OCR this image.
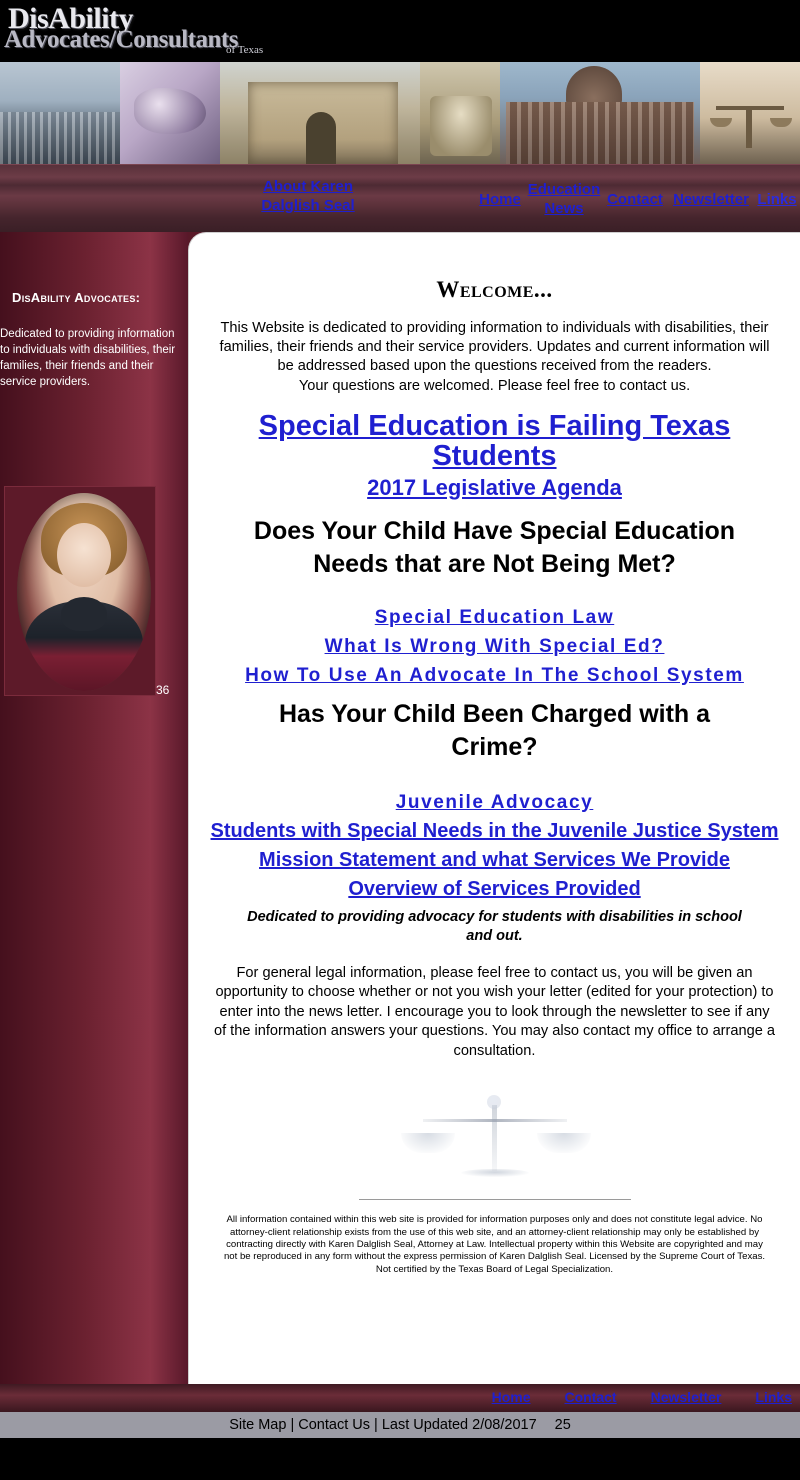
DisAbility
Advocates/Consultants
of Texas
About Karen Dalglish Seal	Home
Education News
Contact Newsletter Links
DisAbility Advocates:
Dedicated to providing information to individuals with disabilities, their families, their friends and their service providers.
36
Welcome...

This Website is dedicated to providing information to individuals with disabilities, their families, their friends and their service providers. Updates and current information will be addressed based upon the questions received from the readers.

Your questions are welcomed. Please feel free to contact us.

Special Education is Failing Texas Students
2017 Legislative Agenda
Does Your Child Have Special Education Needs that are Not Being Met?
Special Education Law
What Is Wrong With Special Ed?
How To Use An Advocate In The School System
Has Your Child Been Charged with a Crime?
Juvenile Advocacy
Students with Special Needs in the Juvenile Justice System
Mission Statement and what Services We Provide
Overview of Services Provided

Dedicated to providing advocacy for students with disabilities in school and out.

For general legal information, please feel free to contact us, you will be given an opportunity to choose whether or not you wish your letter (edited for your protection) to enter into the news letter. I encourage you to look through the newsletter to see if any of the information answers your questions. You may also contact my office to arrange a consultation.

All information contained within this web site is provided for information purposes only and does not constitute legal advice. No attorney-client relationship exists from the use of this web site, and an attorney-client relationship may only be established by contracting directly with Karen Dalglish Seal, Attorney at Law. Intellectual property within this Website are copyrighted and may not be reproduced in any form without the express permission of Karen Dalglish Seal. Licensed by the Supreme Court of Texas. Not certified by the Texas Board of Legal Specialization.

Home Contact Newsletter Links
Site Map | Contact Us | Last Updated 2/08/2017 25
